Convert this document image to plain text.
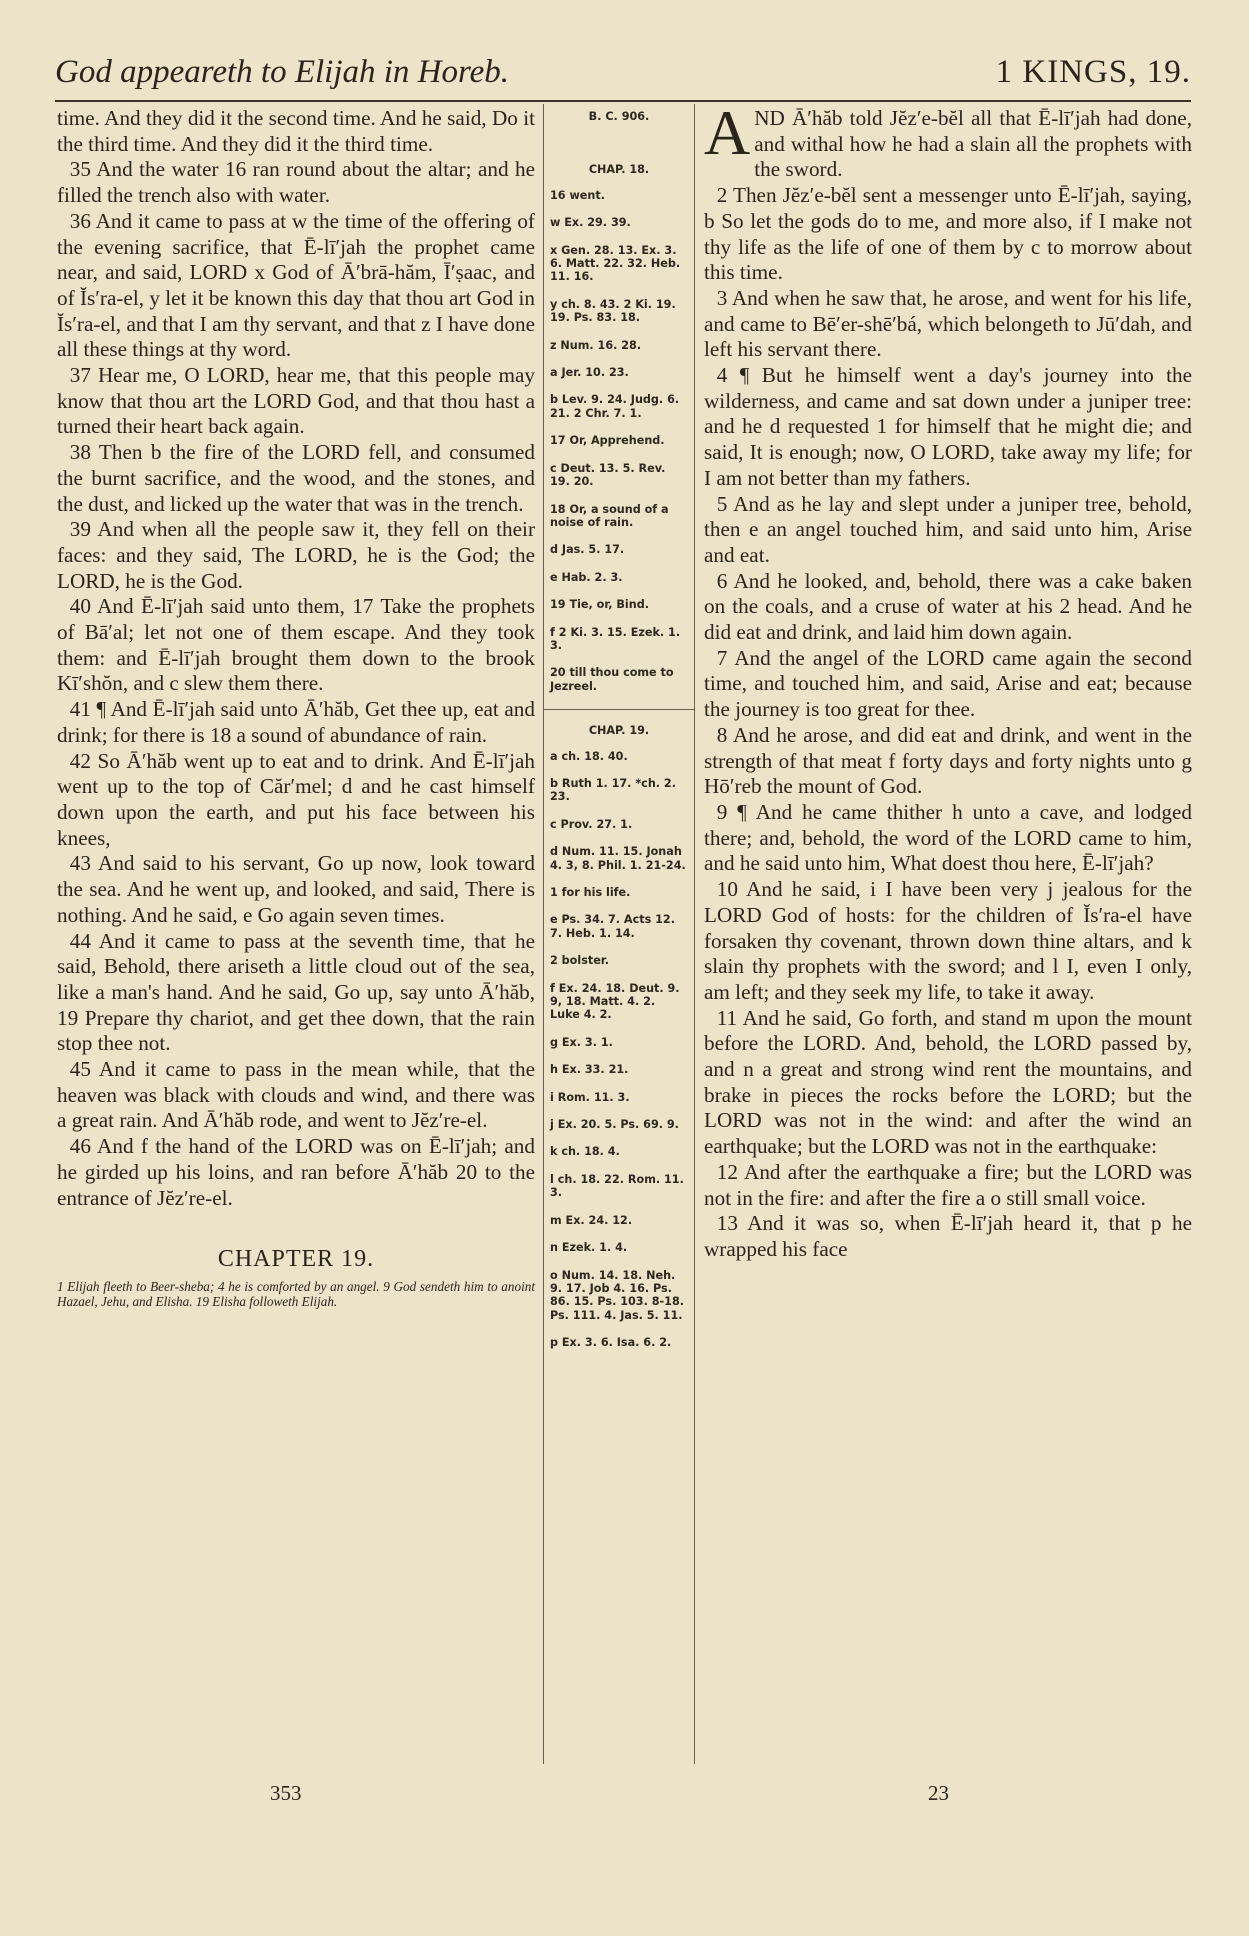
God appeareth to Elijah in Horeb.	1 KINGS, 19.

time. And they did it the second time. And he said, Do it the third time. And they did it the third time.

35 And the water 16 ran round about the altar; and he filled the trench also with water.

36 And it came to pass at w the time of the offering of the evening sacrifice, that Ē-lī′jah the prophet came near, and said, LORD x God of Ā′brā-hăm, Ī′ṣaac, and of Ĭs′ra-el, y let it be known this day that thou art God in Ĭs′ra-el, and that I am thy servant, and that z I have done all these things at thy word.

37 Hear me, O LORD, hear me, that this people may know that thou art the LORD God, and that thou hast a turned their heart back again.

38 Then b the fire of the LORD fell, and consumed the burnt sacrifice, and the wood, and the stones, and the dust, and licked up the water that was in the trench.

39 And when all the people saw it, they fell on their faces: and they said, The LORD, he is the God; the LORD, he is the God.

40 And Ē-lī′jah said unto them, 17 Take the prophets of Bā′al; let not one of them escape. And they took them: and Ē-lī′jah brought them down to the brook Kī′shŏn, and c slew them there.

41 ¶ And Ē-lī′jah said unto Ā′hăb, Get thee up, eat and drink; for there is 18 a sound of abundance of rain.

42 So Ā′hăb went up to eat and to drink. And Ē-lī′jah went up to the top of Căr′mel; d and he cast himself down upon the earth, and put his face between his knees,

43 And said to his servant, Go up now, look toward the sea. And he went up, and looked, and said, There is nothing. And he said, e Go again seven times.

44 And it came to pass at the seventh time, that he said, Behold, there ariseth a little cloud out of the sea, like a man's hand. And he said, Go up, say unto Ā′hăb, 19 Prepare thy chariot, and get thee down, that the rain stop thee not.

45 And it came to pass in the mean while, that the heaven was black with clouds and wind, and there was a great rain. And Ā′hăb rode, and went to Jĕz′re-el.

46 And f the hand of the LORD was on Ē-lī′jah; and he girded up his loins, and ran before Ā′hăb 20 to the entrance of Jĕz′re-el.

CHAPTER 19.
1 Elijah fleeth to Beer-sheba; 4 he is comforted by an angel. 9 God sendeth him to anoint Hazael, Jehu, and Elisha. 19 Elisha followeth Elijah.
B. C. 906.
CHAP. 18.
16 went.
w Ex. 29. 39.
x Gen. 28. 13. Ex. 3. 6. Matt. 22. 32. Heb. 11. 16.
y ch. 8. 43. 2 Ki. 19. 19. Ps. 83. 18.
z Num. 16. 28.
a Jer. 10. 23.
b Lev. 9. 24. Judg. 6. 21. 2 Chr. 7. 1.
17 Or, Apprehend.
c Deut. 13. 5. Rev. 19. 20.
18 Or, a sound of a noise of rain.
d Jas. 5. 17.
e Hab. 2. 3.
19 Tie, or, Bind.
f 2 Ki. 3. 15. Ezek. 1. 3.
20 till thou come to Jezreel.
CHAP. 19.
a ch. 18. 40.
b Ruth 1. 17. *ch. 2. 23.
c Prov. 27. 1.
d Num. 11. 15. Jonah 4. 3, 8. Phil. 1. 21-24.
1 for his life.
e Ps. 34. 7. Acts 12. 7. Heb. 1. 14.
2 bolster.
f Ex. 24. 18. Deut. 9. 9, 18. Matt. 4. 2. Luke 4. 2.
g Ex. 3. 1.
h Ex. 33. 21.
i Rom. 11. 3.
j Ex. 20. 5. Ps. 69. 9.
k ch. 18. 4.
l ch. 18. 22. Rom. 11. 3.
m Ex. 24. 12.
n Ezek. 1. 4.
o Num. 14. 18. Neh. 9. 17. Job 4. 16. Ps. 86. 15. Ps. 103. 8-18. Ps. 111. 4. Jas. 5. 11.
p Ex. 3. 6. Isa. 6. 2.

AND Ā′hăb told Jĕz′e-bĕl all that Ē-lī′jah had done, and withal how he had a slain all the prophets with the sword.

2 Then Jĕz′e-bĕl sent a messenger unto Ē-lī′jah, saying, b So let the gods do to me, and more also, if I make not thy life as the life of one of them by c to morrow about this time.

3 And when he saw that, he arose, and went for his life, and came to Bē′er-shē′bá, which belongeth to Jū′dah, and left his servant there.

4 ¶ But he himself went a day's journey into the wilderness, and came and sat down under a juniper tree: and he d requested 1 for himself that he might die; and said, It is enough; now, O LORD, take away my life; for I am not better than my fathers.

5 And as he lay and slept under a juniper tree, behold, then e an angel touched him, and said unto him, Arise and eat.

6 And he looked, and, behold, there was a cake baken on the coals, and a cruse of water at his 2 head. And he did eat and drink, and laid him down again.

7 And the angel of the LORD came again the second time, and touched him, and said, Arise and eat; because the journey is too great for thee.

8 And he arose, and did eat and drink, and went in the strength of that meat f forty days and forty nights unto g Hō′reb the mount of God.

9 ¶ And he came thither h unto a cave, and lodged there; and, behold, the word of the LORD came to him, and he said unto him, What doest thou here, Ē-lī′jah?

10 And he said, i I have been very j jealous for the LORD God of hosts: for the children of Ĭs′ra-el have forsaken thy covenant, thrown down thine altars, and k slain thy prophets with the sword; and l I, even I only, am left; and they seek my life, to take it away.

11 And he said, Go forth, and stand m upon the mount before the LORD. And, behold, the LORD passed by, and n a great and strong wind rent the mountains, and brake in pieces the rocks before the LORD; but the LORD was not in the wind: and after the wind an earthquake; but the LORD was not in the earthquake:

12 And after the earthquake a fire; but the LORD was not in the fire: and after the fire a o still small voice.

13 And it was so, when Ē-lī′jah heard it, that p he wrapped his face

353	23
